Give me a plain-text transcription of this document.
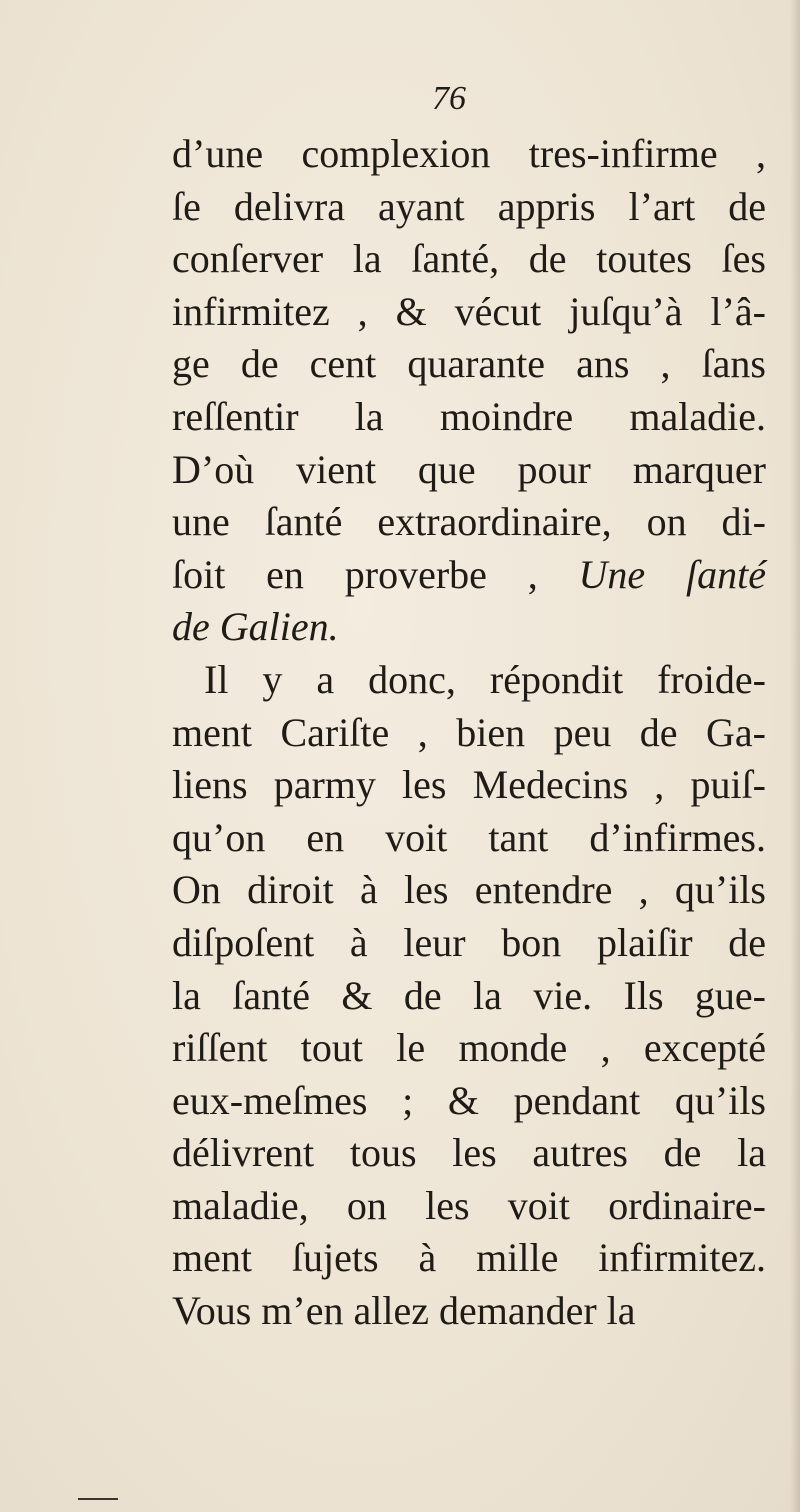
76
d’une complexion tres-infirme ,
ſe delivra ayant appris l’art de
conſerver la ſanté, de toutes ſes
infirmitez , & vécut juſqu’à l’â-
ge de cent quarante ans , ſans
reſſentir la moindre maladie.
D’où vient que pour marquer
une ſanté extraordinaire, on di-
ſoit en proverbe , Une ſanté
de Galien.
Il y a donc, répondit froide-
ment Cariſte , bien peu de Ga-
liens parmy les Medecins , puiſ-
qu’on en voit tant d’infirmes.
On diroit à les entendre , qu’ils
diſpoſent à leur bon plaiſir de
la ſanté & de la vie. Ils gue-
riſſent tout le monde , excepté
eux-meſmes ; & pendant qu’ils
délivrent tous les autres de la
maladie, on les voit ordinaire-
ment ſujets à mille infirmitez.
Vous m’en allez demander la
